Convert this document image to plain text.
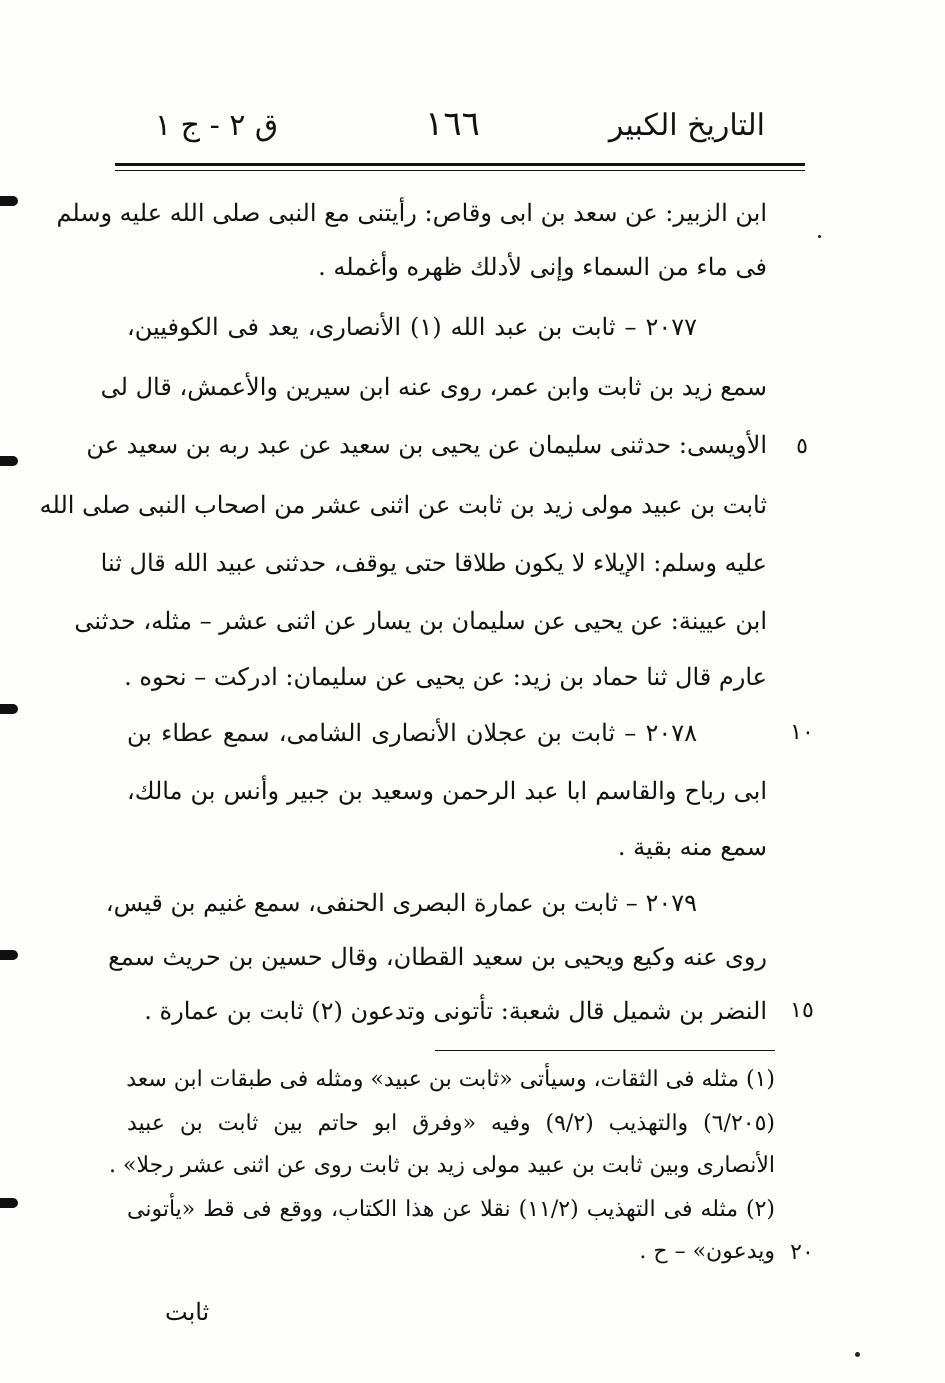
التاريخ الكبير
١٦٦
ق ٢ - ج ١
ابن الزبير: عن سعد بن ابى وقاص: رأيتنى مع النبى صلى الله عليه وسلم
فى ماء من السماء وإنى لأدلك ظهره وأغمله .
٢٠٧٧ – ثابت بن عبد الله (١) الأنصارى، يعد فى الكوفيين،
سمع زيد بن ثابت وابن عمر، روى عنه ابن سيرين والأعمش، قال لى
الأويسى: حدثنى سليمان عن يحيى بن سعيد عن عبد ربه بن سعيد عن
ثابت بن عبيد مولى زيد بن ثابت عن اثنى عشر من اصحاب النبى صلى الله
عليه وسلم: الإيلاء لا يكون طلاقا حتى يوقف، حدثنى عبيد الله قال ثنا
ابن عيينة: عن يحيى عن سليمان بن يسار عن اثنى عشر – مثله، حدثنى
عارم قال ثنا حماد بن زيد: عن يحيى عن سليمان: ادركت – نحوه .
٢٠٧٨ – ثابت بن عجلان الأنصارى الشامى، سمع عطاء بن
ابى رباح والقاسم ابا عبد الرحمن وسعيد بن جبير وأنس بن مالك،
سمع منه بقية .
٢٠٧٩ – ثابت بن عمارة البصرى الحنفى، سمع غنيم بن قيس،
روى عنه وكيع ويحيى بن سعيد القطان، وقال حسين بن حريث سمع
النضر بن شميل قال شعبة: تأتونى وتدعون (٢) ثابت بن عمارة .
٥
١٠
١٥
٢٠
(١) مثله فى الثقات، وسيأتى «ثابت بن عبيد» ومثله فى طبقات ابن سعد
(٦/٢٠٥) والتهذيب (٩/٢) وفيه «وفرق ابو حاتم بين ثابت بن عبيد
الأنصارى وبين ثابت بن عبيد مولى زيد بن ثابت روى عن اثنى عشر رجلا» .
(٢) مثله فى التهذيب (١١/٢) نقلا عن هذا الكتاب، ووقع فى قط «يأتونى
ويدعون» – ح .
ثابت
